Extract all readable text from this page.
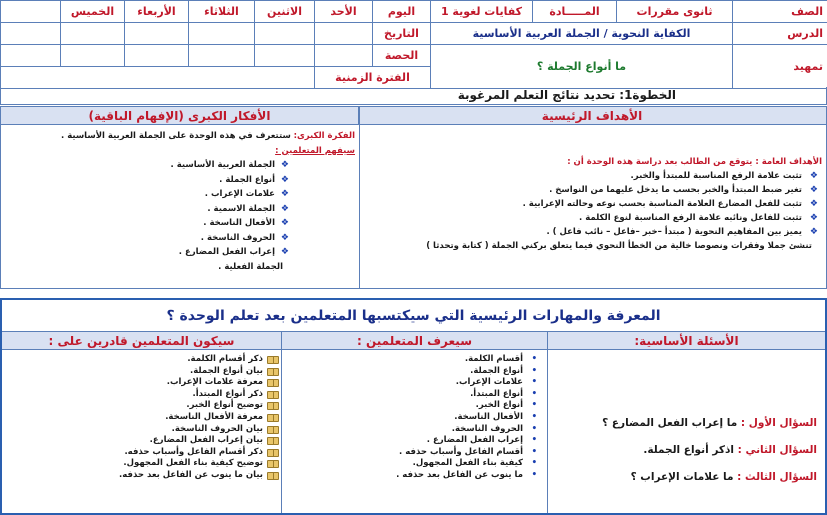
الصف	ثانوى مقررات	المـــــادة	كفايات لغوية 1	اليوم	الأحد	الاثنين	الثلاثاء	الأربعاء	الخميس	
الدرس	الكفاية النحوية / الجملة العربية الأساسية			التاريخ						
تمهيد	ما أنواع الجملة ؟			الحصة						
				الفترة الزمنية						
الخطوة1: تحديد نتائج التعلم المرغوبة
الأهداف الرئيسية
الأفكار الكبرى (الإفهام الباقية)
الأهداف العامة : يتوقع من الطالب بعد دراسة هذه الوحدة أن :
❖
تثبت علامة الرفع المناسبة للمبتدأ والخبر.
❖
تغير ضبط المبتدأ والخبر بحسب ما يدخل عليهما من النواسخ .
❖
تثبت للفعل المضارع العلامة المناسبة بحسب نوعه وحالته الإعرابية .
❖
تثبت للفاعل ونائبه علامة الرفع المناسبة لنوع الكلمة .
❖
يميز بين المفاهيم النحوية ( مبتدأ –خبر –فاعل – نائب فاعل ) .
تنشئ جملا وفقرات ونصوصا خالية من الخطأ النحوي فيما يتعلق بركني الجملة ( كتابة وتحدثا )
الفكرة الكبرى: ستتعرف في هذه الوحدة على الجملة العربية الأساسية .
سيفهم المتعلمين :
❖
الجملة العربية الأساسية .
❖
أنواع الجملة .
❖
علامات الإعراب .
❖
الجملة الاسمية .
❖
الأفعال الناسخة .
❖
الحروف الناسخة .
❖
إعراب الفعل المضارع .
الجملة الفعلية .
المعرفة والمهارات الرئيسية التي سيكتسبها المتعلمين بعد تعلم الوحدة ؟
الأسئلة الأساسية:
السؤال الأول : ما إعراب الفعل المضارع ؟
السؤال الثاني : اذكر أنواع الجملة.
السؤال الثالث : ما علامات الإعراب ؟
سيعرف المتعلمين :
• أقسام الكلمة.
• أنواع الجملة.
• علامات الإعراب.
• أنواع المبتدأ.
• أنواع الخبر.
• الأفعال الناسخة.
• الحروف الناسخة.
• إعراب الفعل المضارع .
• أقسام الفاعل وأسباب حذفه .
• كيفية بناء الفعل المجهول.
• ما ينوب عن الفاعل بعد حذفه .
سيكون المتعلمين قادرين على :
ذكر أقسام الكلمة.
بيان أنواع الجملة.
معرفة علامات الإعراب.
ذكر أنواع المبتدأ.
توضيح أنواع الخبر.
معرفة الأفعال الناسخة.
بيان الحروف الناسخة.
بيان إعراب الفعل المضارع.
ذكر أقسام الفاعل وأسباب حذفه.
توضيح كيفية بناء الفعل المجهول.
بيان ما ينوب عن الفاعل بعد حذفه.
